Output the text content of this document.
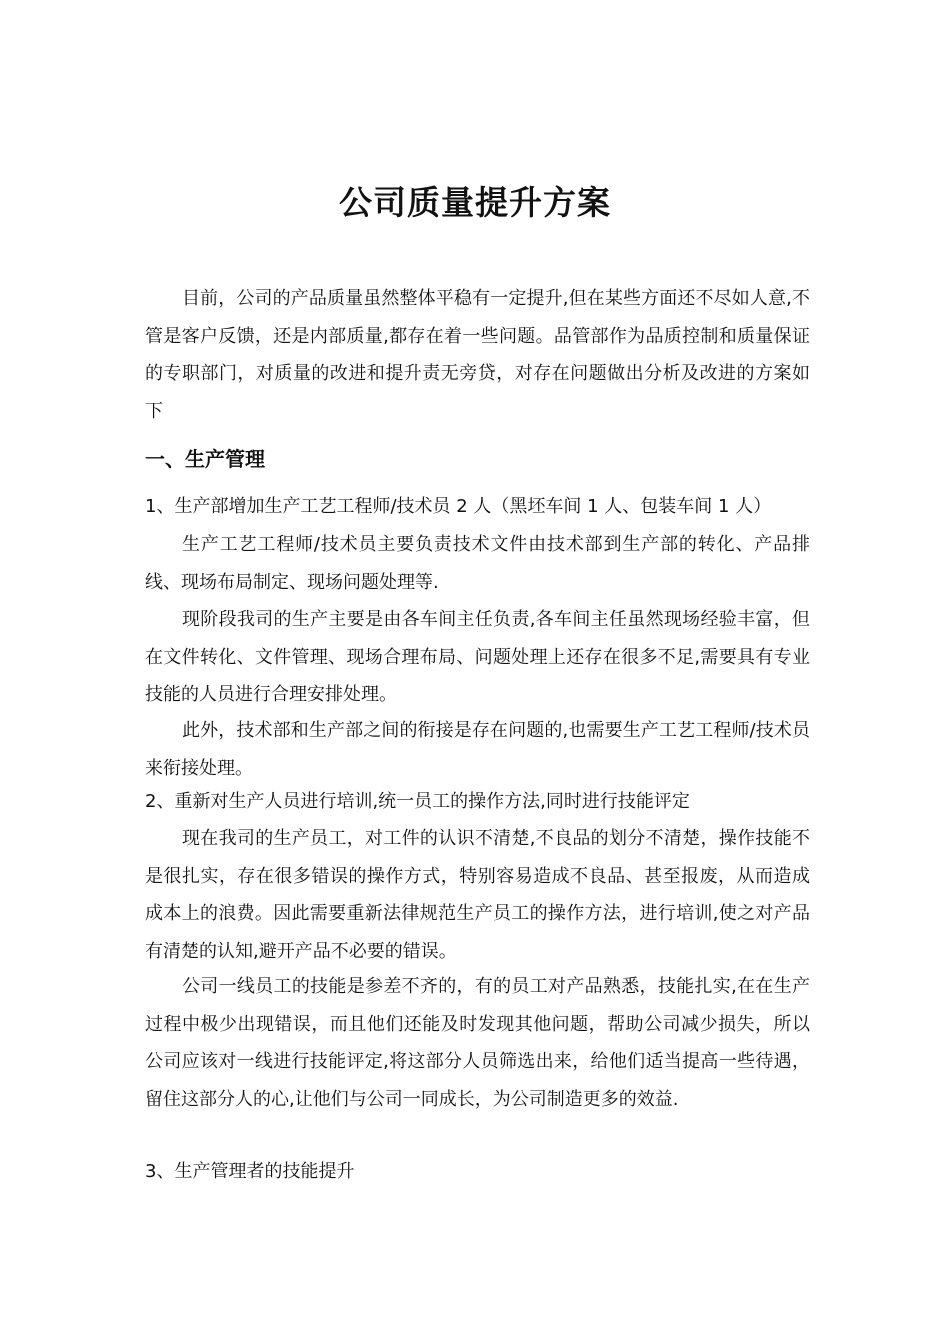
公司质量提升方案

目前，公司的产品质量虽然整体平稳有一定提升,但在某些方面还不尽如人意,不管是客户反馈，还是内部质量,都存在着一些问题。品管部作为品质控制和质量保证的专职部门，对质量的改进和提升责无旁贷，对存在问题做出分析及改进的方案如下

一、生产管理

1、生产部增加生产工艺工程师/技术员 2 人（黑坯车间 1 人、包装车间 1 人）

生产工艺工程师/技术员主要负责技术文件由技术部到生产部的转化、产品排线、现场布局制定、现场问题处理等.

现阶段我司的生产主要是由各车间主任负责,各车间主任虽然现场经验丰富，但在文件转化、文件管理、现场合理布局、问题处理上还存在很多不足,需要具有专业技能的人员进行合理安排处理。

此外，技术部和生产部之间的衔接是存在问题的,也需要生产工艺工程师/技术员来衔接处理。

2、重新对生产人员进行培训,统一员工的操作方法,同时进行技能评定

现在我司的生产员工，对工件的认识不清楚,不良品的划分不清楚，操作技能不是很扎实，存在很多错误的操作方式，特别容易造成不良品、甚至报废，从而造成成本上的浪费。因此需要重新法律规范生产员工的操作方法，进行培训,使之对产品有清楚的认知,避开产品不必要的错误。

公司一线员工的技能是参差不齐的，有的员工对产品熟悉，技能扎实,在在生产过程中极少出现错误，而且他们还能及时发现其他问题，帮助公司减少损失，所以公司应该对一线进行技能评定,将这部分人员筛选出来，给他们适当提高一些待遇，留住这部分人的心,让他们与公司一同成长，为公司制造更多的效益.

3、生产管理者的技能提升
